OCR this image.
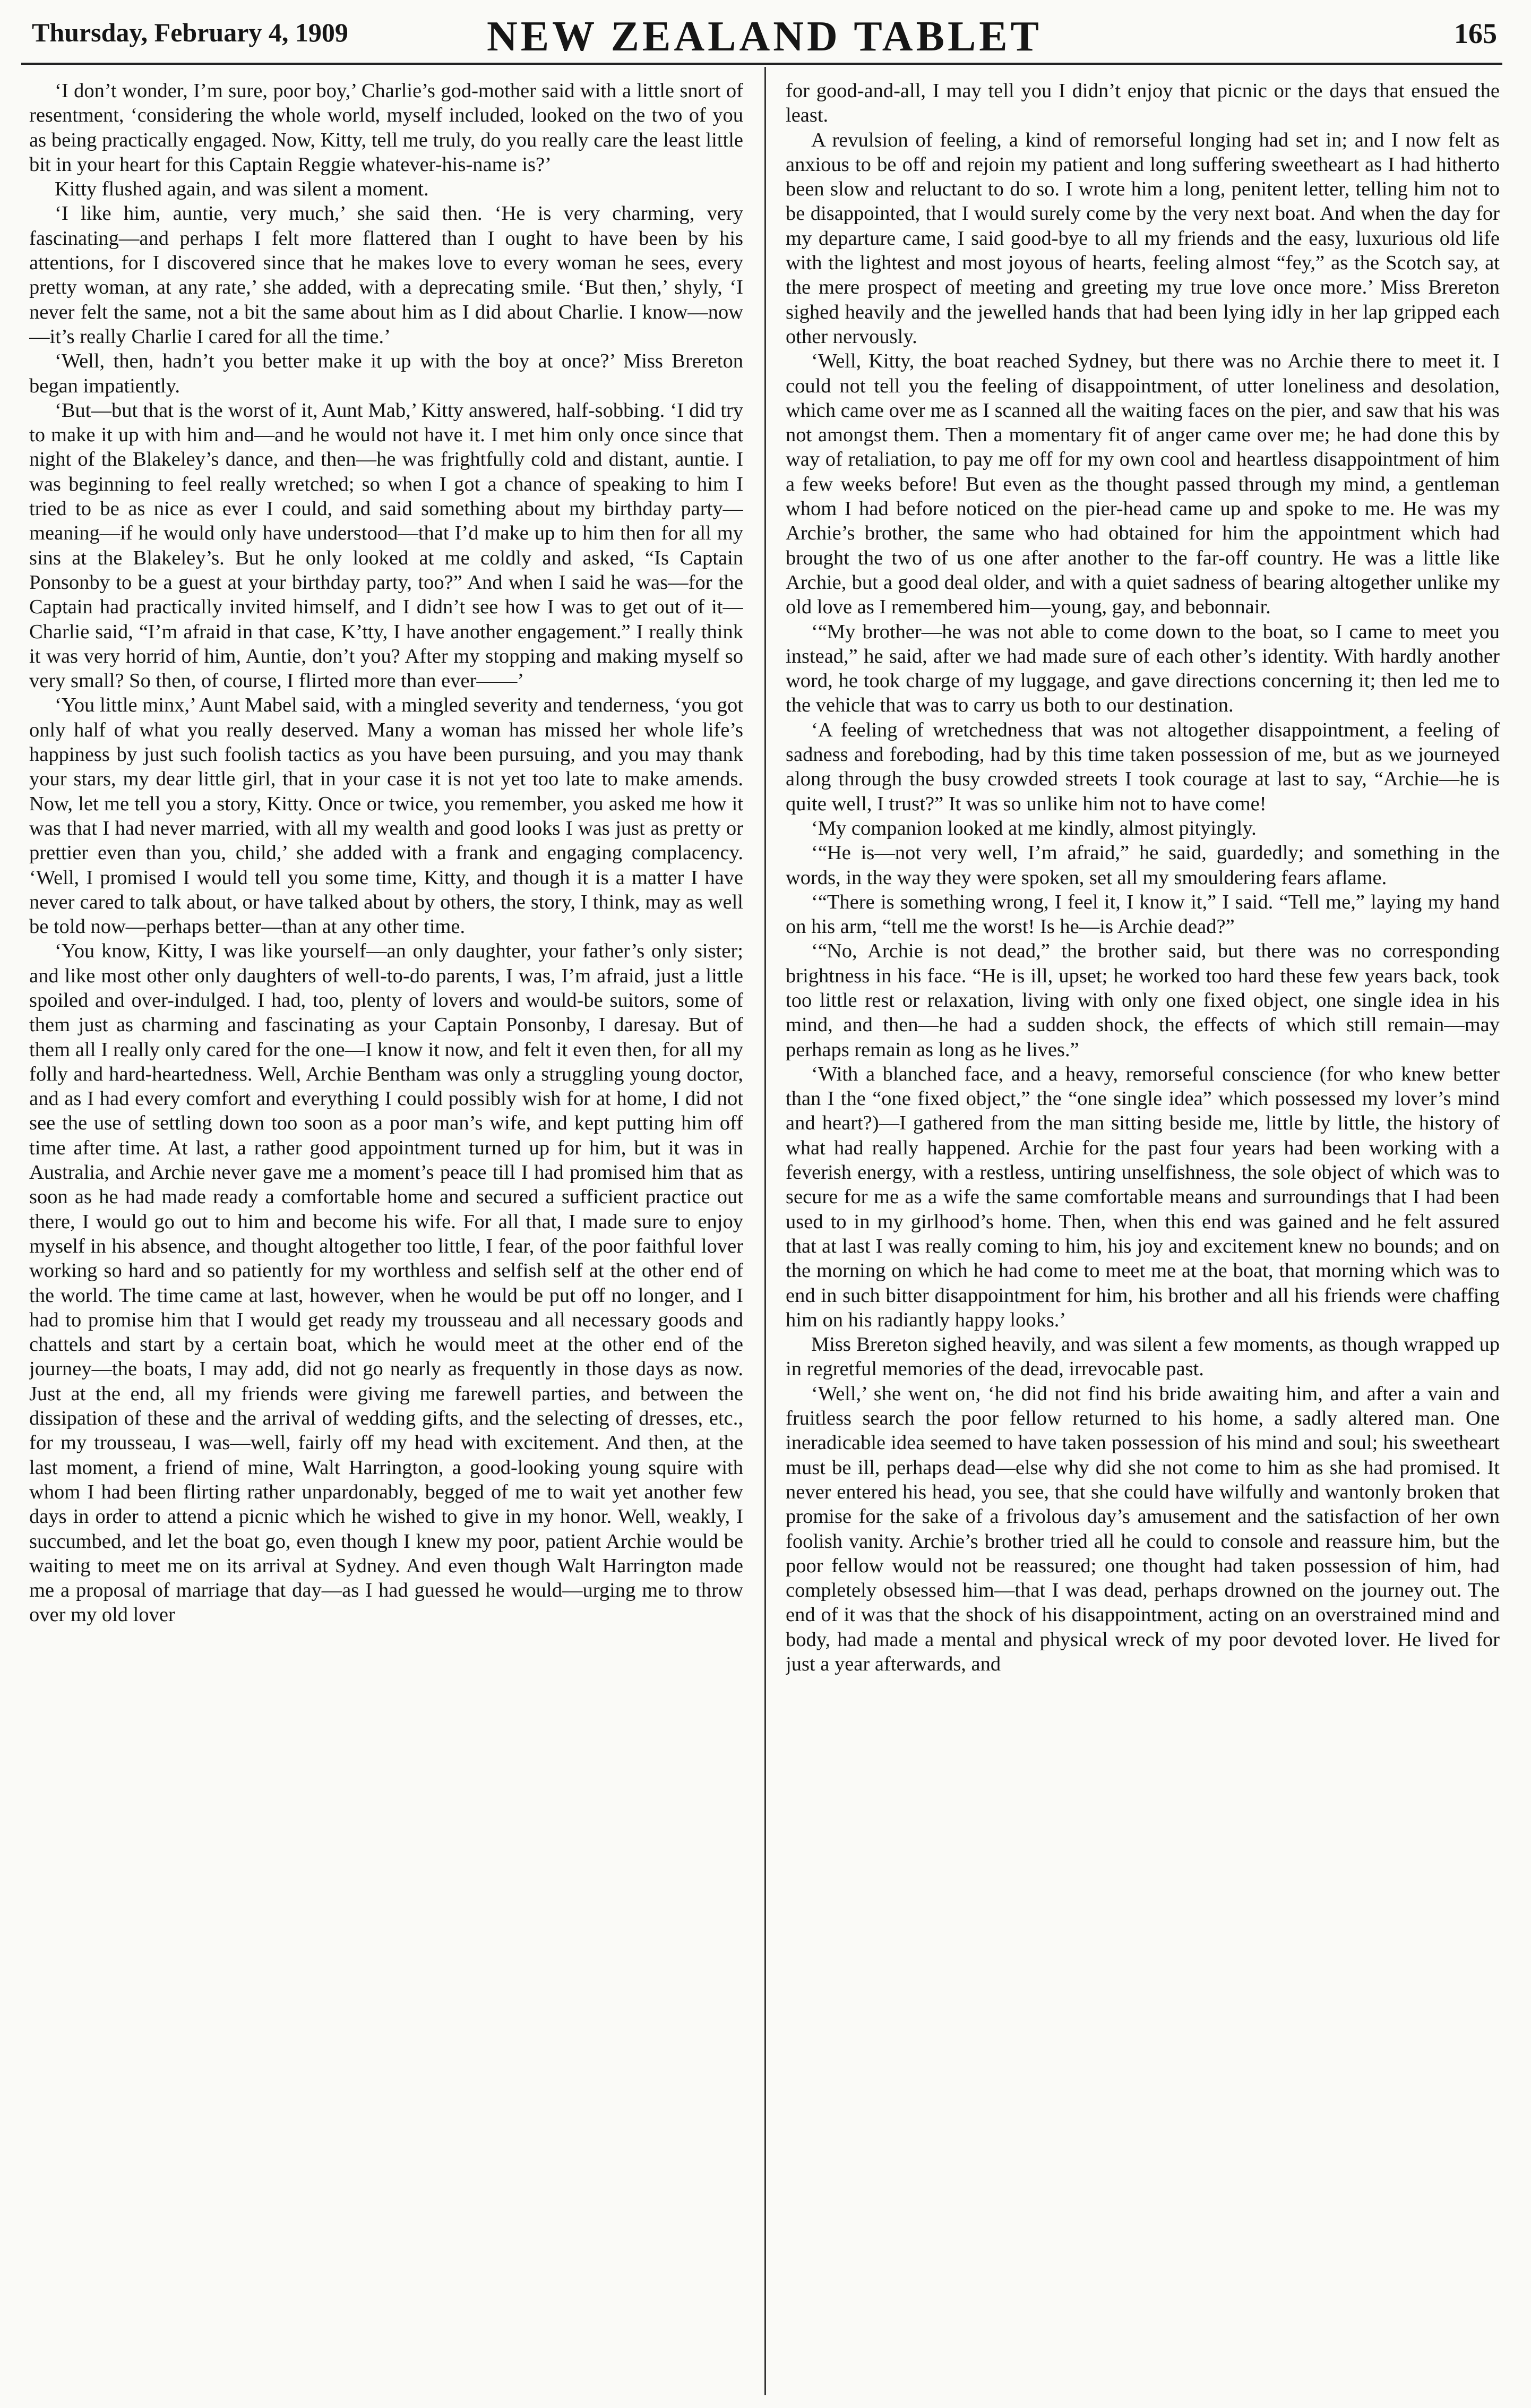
Thursday, February 4, 1909	NEW ZEALAND TABLET	165

‘I don’t wonder, I’m sure, poor boy,’ Charlie’s god-mother said with a little snort of resentment, ‘considering the whole world, myself included, looked on the two of you as being practically engaged. Now, Kitty, tell me truly, do you really care the least little bit in your heart for this Captain Reggie whatever-his-name is?’

Kitty flushed again, and was silent a moment.

‘I like him, auntie, very much,’ she said then. ‘He is very charming, very fascinating—and perhaps I felt more flattered than I ought to have been by his attentions, for I discovered since that he makes love to every woman he sees, every pretty woman, at any rate,’ she added, with a deprecating smile. ‘But then,’ shyly, ‘I never felt the same, not a bit the same about him as I did about Charlie. I know—now—it’s really Charlie I cared for all the time.’

‘Well, then, hadn’t you better make it up with the boy at once?’ Miss Brereton began impatiently.

‘But—but that is the worst of it, Aunt Mab,’ Kitty answered, half-sobbing. ‘I did try to make it up with him and—and he would not have it. I met him only once since that night of the Blakeley’s dance, and then—he was frightfully cold and distant, auntie. I was beginning to feel really wretched; so when I got a chance of speaking to him I tried to be as nice as ever I could, and said something about my birthday party—meaning—if he would only have understood—that I’d make up to him then for all my sins at the Blakeley’s. But he only looked at me coldly and asked, “Is Captain Ponsonby to be a guest at your birthday party, too?” And when I said he was—for the Captain had practically invited himself, and I didn’t see how I was to get out of it—Charlie said, “I’m afraid in that case, K’tty, I have another engagement.” I really think it was very horrid of him, Auntie, don’t you? After my stopping and making myself so very small? So then, of course, I flirted more than ever——’

‘You little minx,’ Aunt Mabel said, with a mingled severity and tenderness, ‘you got only half of what you really deserved. Many a woman has missed her whole life’s happiness by just such foolish tactics as you have been pursuing, and you may thank your stars, my dear little girl, that in your case it is not yet too late to make amends. Now, let me tell you a story, Kitty. Once or twice, you remember, you asked me how it was that I had never married, with all my wealth and good looks I was just as pretty or prettier even than you, child,’ she added with a frank and engaging complacency. ‘Well, I promised I would tell you some time, Kitty, and though it is a matter I have never cared to talk about, or have talked about by others, the story, I think, may as well be told now—perhaps better—than at any other time.

‘You know, Kitty, I was like yourself—an only daughter, your father’s only sister; and like most other only daughters of well-to-do parents, I was, I’m afraid, just a little spoiled and over-indulged. I had, too, plenty of lovers and would-be suitors, some of them just as charming and fascinating as your Captain Ponsonby, I daresay. But of them all I really only cared for the one—I know it now, and felt it even then, for all my folly and hard-heartedness. Well, Archie Bentham was only a struggling young doctor, and as I had every comfort and everything I could possibly wish for at home, I did not see the use of settling down too soon as a poor man’s wife, and kept putting him off time after time. At last, a rather good appointment turned up for him, but it was in Australia, and Archie never gave me a moment’s peace till I had promised him that as soon as he had made ready a comfortable home and secured a sufficient practice out there, I would go out to him and become his wife. For all that, I made sure to enjoy myself in his absence, and thought altogether too little, I fear, of the poor faithful lover working so hard and so patiently for my worthless and selfish self at the other end of the world. The time came at last, however, when he would be put off no longer, and I had to promise him that I would get ready my trousseau and all necessary goods and chattels and start by a certain boat, which he would meet at the other end of the journey—the boats, I may add, did not go nearly as frequently in those days as now. Just at the end, all my friends were giving me farewell parties, and between the dissipation of these and the arrival of wedding gifts, and the selecting of dresses, etc., for my trousseau, I was—well, fairly off my head with excitement. And then, at the last moment, a friend of mine, Walt Harrington, a good-looking young squire with whom I had been flirting rather unpardonably, begged of me to wait yet another few days in order to attend a picnic which he wished to give in my honor. Well, weakly, I succumbed, and let the boat go, even though I knew my poor, patient Archie would be waiting to meet me on its arrival at Sydney. And even though Walt Harrington made me a proposal of marriage that day—as I had guessed he would—urging me to throw over my old lover

for good-and-all, I may tell you I didn’t enjoy that picnic or the days that ensued the least.

A revulsion of feeling, a kind of remorseful longing had set in; and I now felt as anxious to be off and rejoin my patient and long suffering sweetheart as I had hitherto been slow and reluctant to do so. I wrote him a long, penitent letter, telling him not to be disappointed, that I would surely come by the very next boat. And when the day for my departure came, I said good-bye to all my friends and the easy, luxurious old life with the lightest and most joyous of hearts, feeling almost “fey,” as the Scotch say, at the mere prospect of meeting and greeting my true love once more.’ Miss Brereton sighed heavily and the jewelled hands that had been lying idly in her lap gripped each other nervously.

‘Well, Kitty, the boat reached Sydney, but there was no Archie there to meet it. I could not tell you the feeling of disappointment, of utter loneliness and desolation, which came over me as I scanned all the waiting faces on the pier, and saw that his was not amongst them. Then a momentary fit of anger came over me; he had done this by way of retaliation, to pay me off for my own cool and heartless disappointment of him a few weeks before! But even as the thought passed through my mind, a gentleman whom I had before noticed on the pier-head came up and spoke to me. He was my Archie’s brother, the same who had obtained for him the appointment which had brought the two of us one after another to the far-off country. He was a little like Archie, but a good deal older, and with a quiet sadness of bearing altogether unlike my old love as I remembered him—young, gay, and bebonnair.

‘“My brother—he was not able to come down to the boat, so I came to meet you instead,” he said, after we had made sure of each other’s identity. With hardly another word, he took charge of my luggage, and gave directions concerning it; then led me to the vehicle that was to carry us both to our destination.

‘A feeling of wretchedness that was not altogether disappointment, a feeling of sadness and foreboding, had by this time taken possession of me, but as we journeyed along through the busy crowded streets I took courage at last to say, “Archie—he is quite well, I trust?” It was so unlike him not to have come!

‘My companion looked at me kindly, almost pityingly.

‘“He is—not very well, I’m afraid,” he said, guardedly; and something in the words, in the way they were spoken, set all my smouldering fears aflame.

‘“There is something wrong, I feel it, I know it,” I said. “Tell me,” laying my hand on his arm, “tell me the worst! Is he—is Archie dead?”

‘“No, Archie is not dead,” the brother said, but there was no corresponding brightness in his face. “He is ill, upset; he worked too hard these few years back, took too little rest or relaxation, living with only one fixed object, one single idea in his mind, and then—he had a sudden shock, the effects of which still remain—may perhaps remain as long as he lives.”

‘With a blanched face, and a heavy, remorseful conscience (for who knew better than I the “one fixed object,” the “one single idea” which possessed my lover’s mind and heart?)—I gathered from the man sitting beside me, little by little, the history of what had really happened. Archie for the past four years had been working with a feverish energy, with a restless, untiring unselfishness, the sole object of which was to secure for me as a wife the same comfortable means and surroundings that I had been used to in my girlhood’s home. Then, when this end was gained and he felt assured that at last I was really coming to him, his joy and excitement knew no bounds; and on the morning on which he had come to meet me at the boat, that morning which was to end in such bitter disappointment for him, his brother and all his friends were chaffing him on his radiantly happy looks.’

Miss Brereton sighed heavily, and was silent a few moments, as though wrapped up in regretful memories of the dead, irrevocable past.

‘Well,’ she went on, ‘he did not find his bride awaiting him, and after a vain and fruitless search the poor fellow returned to his home, a sadly altered man. One ineradicable idea seemed to have taken possession of his mind and soul; his sweetheart must be ill, perhaps dead—else why did she not come to him as she had promised. It never entered his head, you see, that she could have wilfully and wantonly broken that promise for the sake of a frivolous day’s amusement and the satisfaction of her own foolish vanity. Archie’s brother tried all he could to console and reassure him, but the poor fellow would not be reassured; one thought had taken possession of him, had completely obsessed him—that I was dead, perhaps drowned on the journey out. The end of it was that the shock of his disappointment, acting on an overstrained mind and body, had made a mental and physical wreck of my poor devoted lover. He lived for just a year afterwards, and
